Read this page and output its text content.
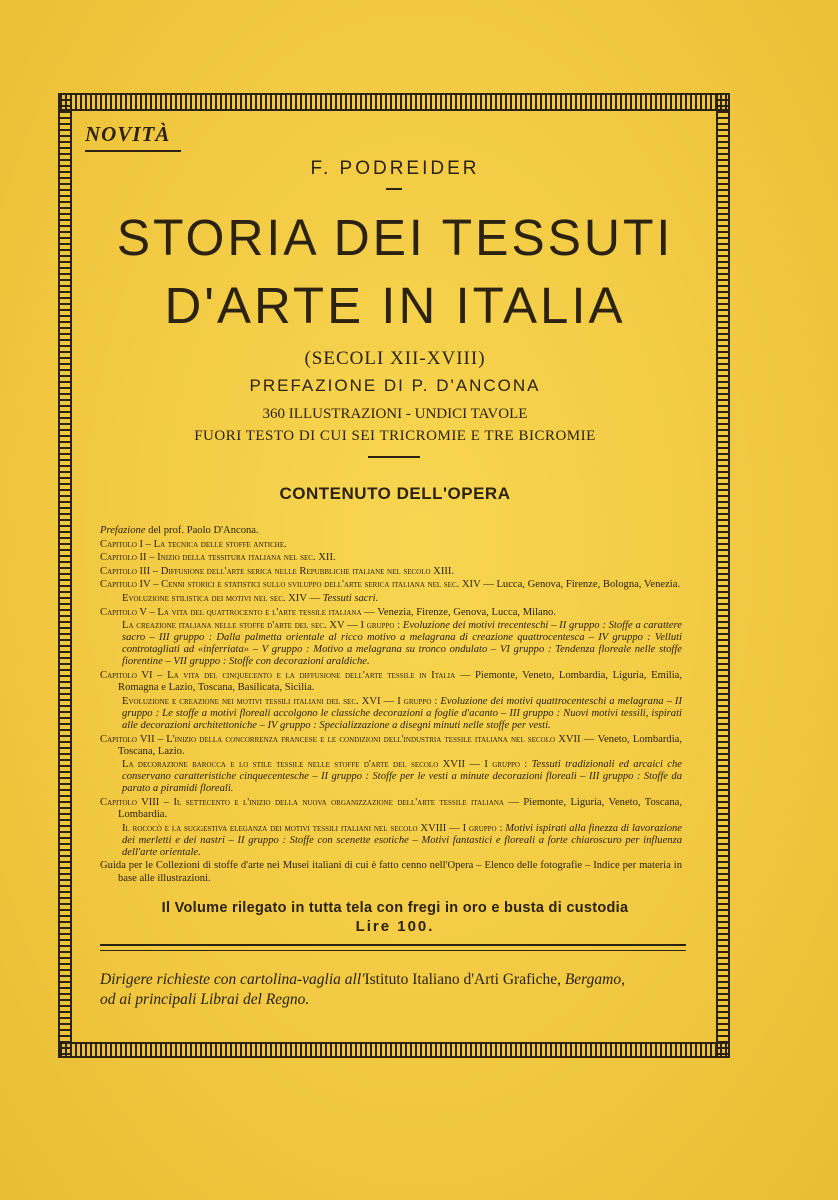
NOVITÀ
F. PODREIDER
STORIA DEI TESSUTI
D'ARTE IN ITALIA
(SECOLI XII-XVIII)
PREFAZIONE DI P. D'ANCONA
360 ILLUSTRAZIONI - UNDICI TAVOLE
FUORI TESTO DI CUI SEI TRICROMIE E TRE BICROMIE
CONTENUTO DELL'OPERA

Prefazione del prof. Paolo D'Ancona.

Capitolo I – La tecnica delle stoffe antiche.

Capitolo II – Inizio della tessitura italiana nel sec. XII.

Capitolo III – Diffusione dell'arte serica nelle Repubbliche italiane nel secolo XIII.

Capitolo IV – Cenni storici e statistici sullo sviluppo dell'arte serica italiana nel sec. XIV — Lucca, Genova, Firenze, Bologna, Venezia.

Evoluzione stilistica dei motivi nel sec. XIV — Tessuti sacri.

Capitolo V – La vita del quattrocento e l'arte tessile italiana — Venezia, Firenze, Genova, Lucca, Milano.

La creazione italiana nelle stoffe d'arte del sec. XV — I gruppo : Evoluzione dei motivi trecenteschi – II gruppo : Stoffe a carattere sacro – III gruppo : Dalla palmetta orientale al ricco motivo a melagrana di creazione quattrocentesca – IV gruppo : Velluti controtagliati ad «inferriata» – V gruppo : Motivo a melagrana su tronco ondulato – VI gruppo : Tendenza floreale nelle stoffe fiorentine – VII gruppo : Stoffe con decorazioni araldiche.

Capitolo VI – La vita del cinquecento e la diffusione dell'arte tessile in Italia — Piemonte, Veneto, Lombardia, Liguria, Emilia, Romagna e Lazio, Toscana, Basilicata, Sicilia.

Evoluzione e creazione nei motivi tessili italiani del sec. XVI — I gruppo : Evoluzione dei motivi quattrocenteschi a melagrana – II gruppo : Le stoffe a motivi floreali accolgono le classiche decorazioni a foglie d'acanto – III gruppo : Nuovi motivi tessili, ispirati alle decorazioni architettoniche – IV gruppo : Specializzazione a disegni minuti nelle stoffe per vesti.

Capitolo VII – L'inizio della concorrenza francese e le condizioni dell'industria tessile italiana nel secolo XVII — Veneto, Lombardia, Toscana, Lazio.

La decorazione barocca e lo stile tessile nelle stoffe d'arte del secolo XVII — I gruppo : Tessuti tradizionali ed arcaici che conservano caratteristiche cinquecentesche – II gruppo : Stoffe per le vesti a minute decorazioni floreali – III gruppo : Stoffe da parato a piramidi floreali.

Capitolo VIII – Il settecento e l'inizio della nuova organizzazione dell'arte tessile italiana — Piemonte, Liguria, Veneto, Toscana, Lombardia.

Il rococò e la suggestiva eleganza dei motivi tessili italiani nel secolo XVIII — I gruppo : Motivi ispirati alla finezza di lavorazione dei merletti e dei nastri – II gruppo : Stoffe con scenette esotiche – Motivi fantastici e floreali a forte chiaroscuro per influenza dell'arte orientale.

Guida per le Collezioni di stoffe d'arte nei Musei italiani di cui è fatto cenno nell'Opera – Elenco delle fotografie – Indice per materia in base alle illustrazioni.

Il Volume rilegato in tutta tela con fregi in oro e busta di custodia
Lire 100.
Dirigere richieste con cartolina-vaglia all'Istituto Italiano d'Arti Grafiche, Bergamo,
od ai principali Librai del Regno.
